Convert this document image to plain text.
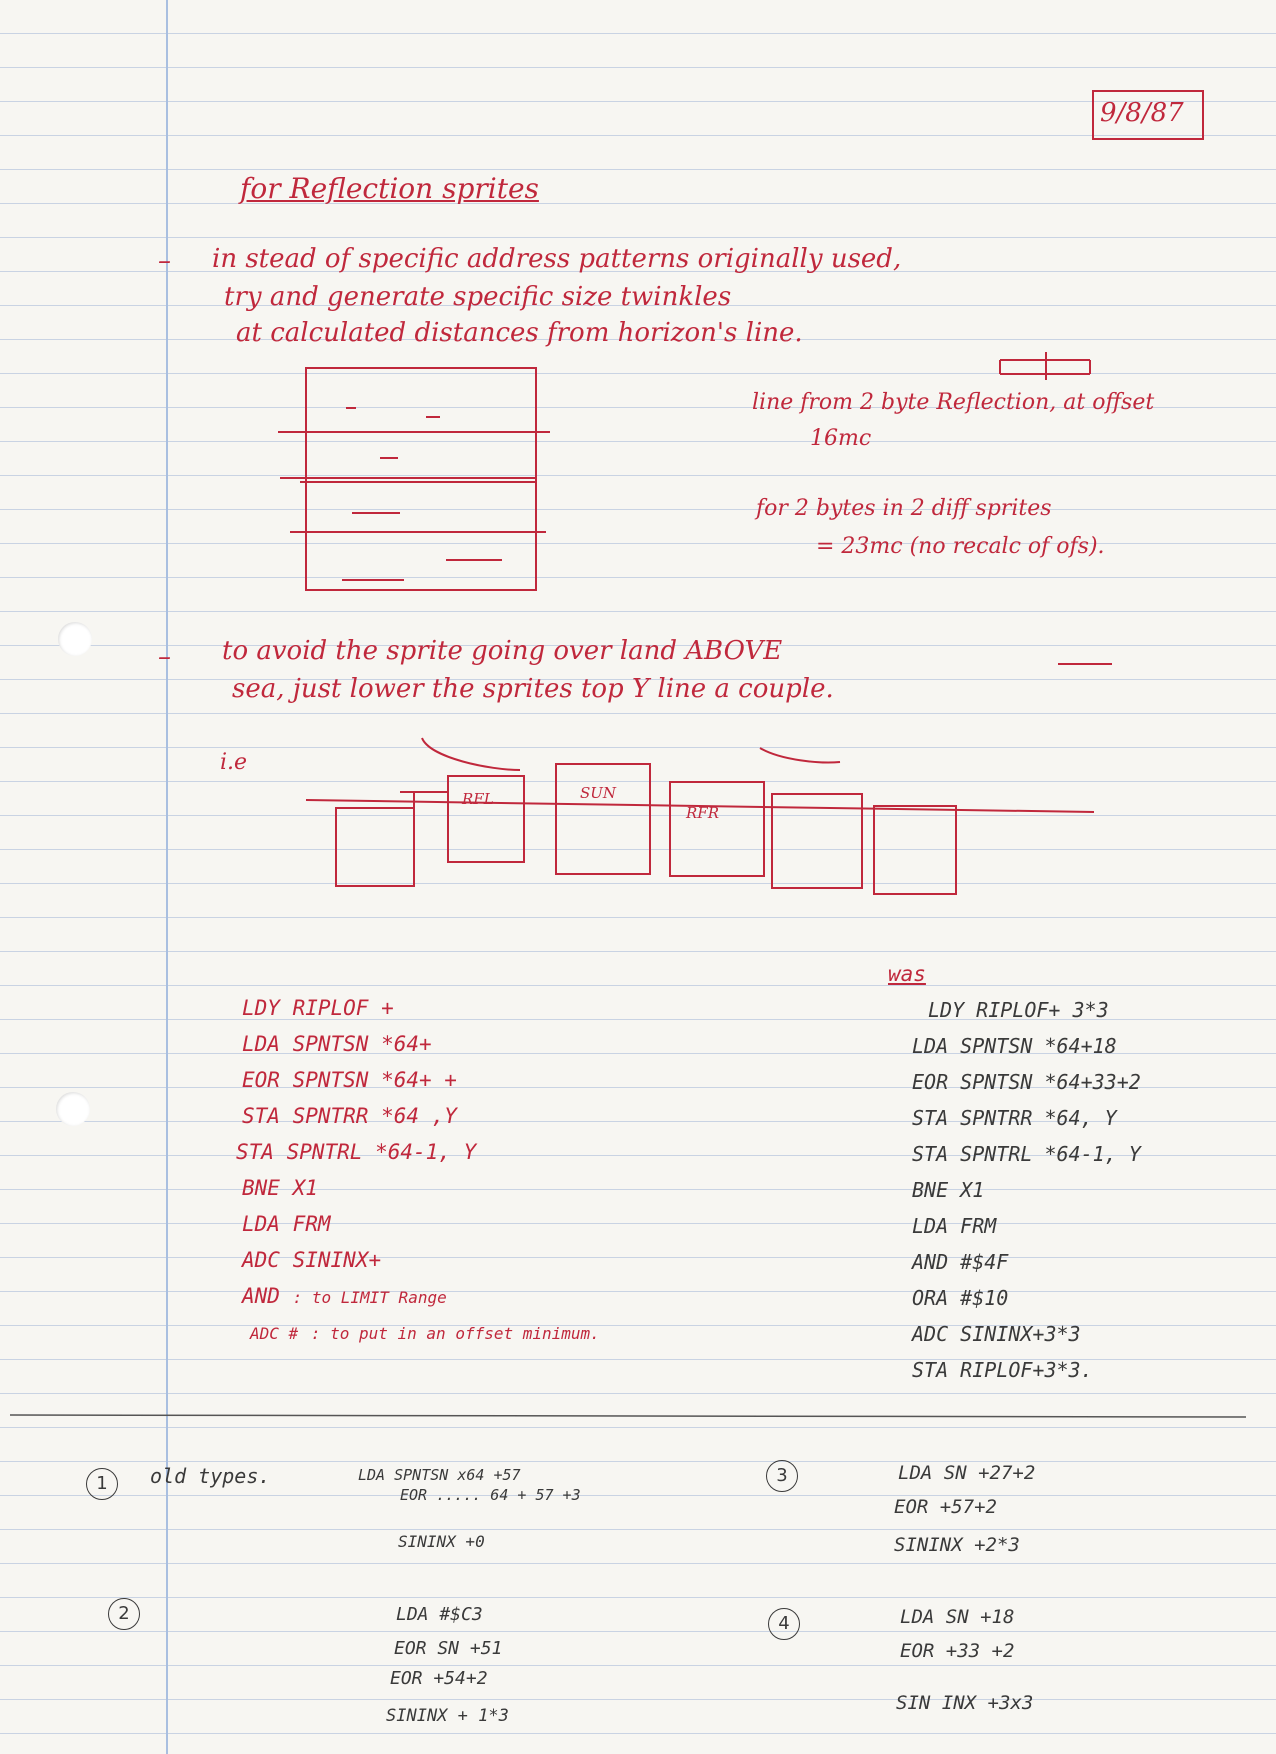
9/8/87
for Reflection sprites
– in stead of specific address patterns originally used,
try and generate specific size twinkles
at calculated distances from horizon's line.
line from 2 byte Reflection, at offset
16mc
for 2 bytes in 2 diff sprites
= 23mc (no recalc of ofs).
– to avoid the sprite going over land ABOVE
sea, just lower the sprites top Y line a couple.
i.e
RFL	SUN
RFR
LDY RIPLOF +
LDA SPNTSN *64+
EOR SPNTSN *64+ +
STA SPNTRR *64 ,Y
STA SPNTRL *64-1, Y
BNE X1
LDA FRM
ADC SININX+
AND : to LIMIT Range
ADC # : to put in an offset minimum.
was
LDY RIPLOF+ 3*3
LDA SPNTSN *64+18
EOR SPNTSN *64+33+2
STA SPNTRR *64, Y
STA SPNTRL *64-1, Y
BNE X1
LDA FRM
AND #$4F
ORA #$10
ADC SININX+3*3
STA RIPLOF+3*3.
1	old types.	LDA SPNTSN x64 +57
EOR ..... 64 + 57 +3
SININX +0
2	LDA #$C3
EOR SN +51
EOR +54+2
SININX + 1*3
3	LDA SN +27+2
EOR +57+2
SININX +2*3
4	LDA SN +18
EOR +33 +2
SIN INX +3x3
